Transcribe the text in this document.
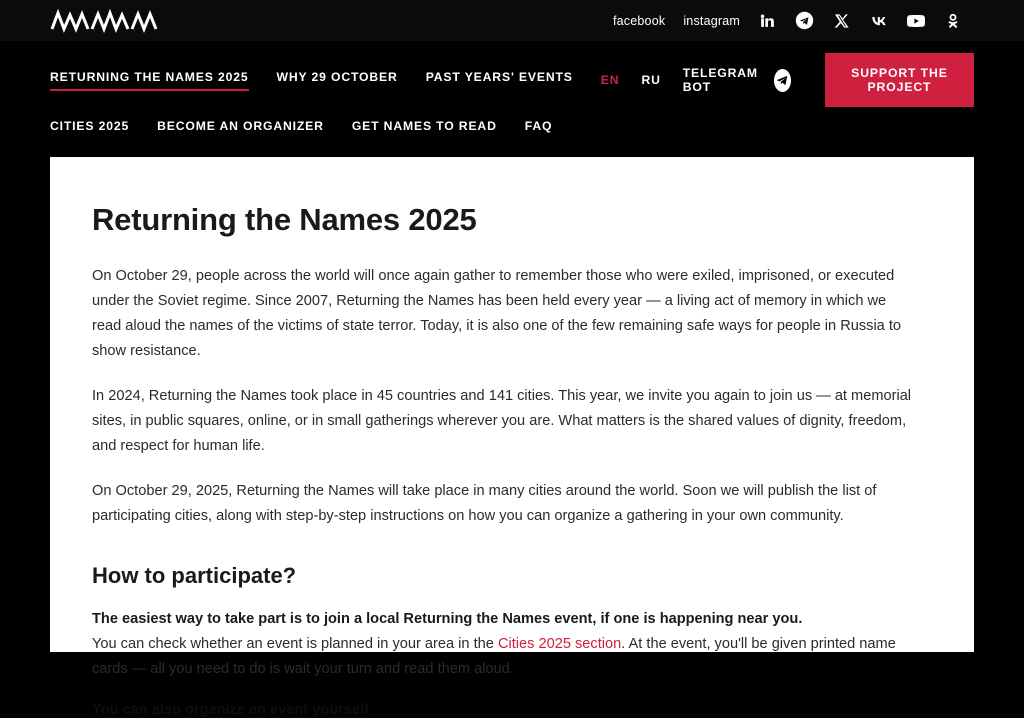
facebook instagram
RETURNING THE NAMES 2025 WHY 29 OCTOBER PAST YEARS' EVENTS EN RU TELEGRAM BOT
SUPPORT THE PROJECT
CITIES 2025 BECOME AN ORGANIZER GET NAMES TO READ FAQ
Returning the Names 2025

On October 29, people across the world will once again gather to remember those who were exiled, imprisoned, or executed under the Soviet regime. Since 2007, Returning the Names has been held every year — a living act of memory in which we read aloud the names of the victims of state terror. Today, it is also one of the few remaining safe ways for people in Russia to show resistance.

In 2024, Returning the Names took place in 45 countries and 141 cities. This year, we invite you again to join us — at memorial sites, in public squares, online, or in small gatherings wherever you are. What matters is the shared values of dignity, freedom, and respect for human life.

On October 29, 2025, Returning the Names will take place in many cities around the world. Soon we will publish the list of participating cities, along with step-by-step instructions on how you can organize a gathering in your own community.

How to participate?

The easiest way to take part is to join a local Returning the Names event, if one is happening near you.

You can check whether an event is planned in your area in the Cities 2025 section. At the event, you'll be given printed name cards — all you need to do is wait your turn and read them aloud.

You can also organize an event yourself
